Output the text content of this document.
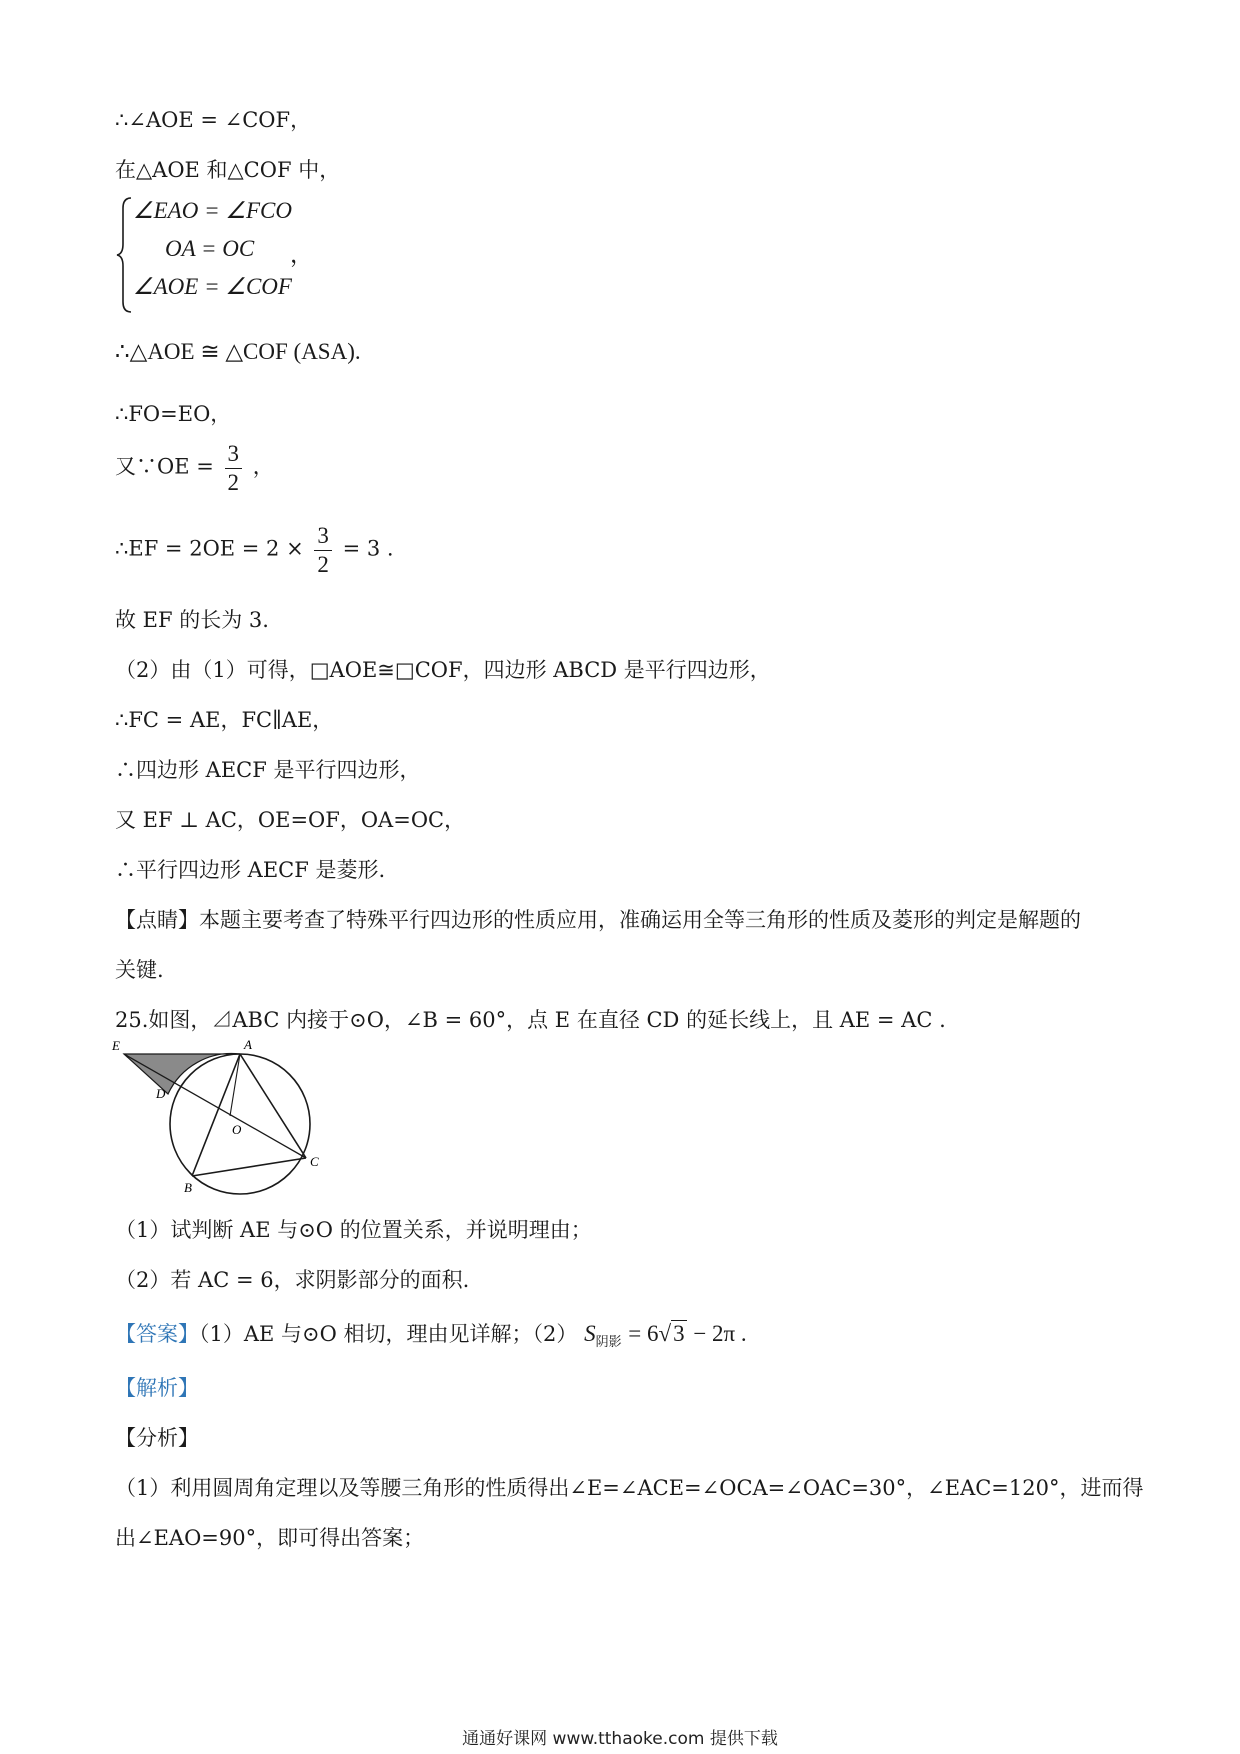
∴∠AOE = ∠COF，
在△AOE 和△COF 中，
∠EAO = ∠FCO
OA = OC ，
∠AOE = ∠COF
∴△AOE ≅ △COF (ASA).
∴FO=EO，
又∵OE = $\frac{3}{2}$ ，
∴EF = $2OE = 2 \times \frac{3}{2} = 3$ .
故 EF 的长为 3.
（2）由（1）可得，□AOE≅□COF，四边形 ABCD 是平行四边形，
∴FC = AE，FC∥AE，
∴四边形 AECF 是平行四边形，
又 EF ⊥ AC，OE=OF，OA=OC，
∴平行四边形 AECF 是菱形.
【点睛】本题主要考查了特殊平行四边形的性质应用，准确运用全等三角形的性质及菱形的判定是解题的
关键.
25.如图，⊿ABC 内接于⊙O，∠B = 60°，点 E 在直径 CD 的延长线上，且 AE = AC .
E	A
D
O
C
B
（1）试判断 AE 与⊙O 的位置关系，并说明理由；
（2）若 AC = 6，求阴影部分的面积.
【答案】（1）AE 与⊙O 相切，理由见详解；（2） $S_{阴影} = 6√3 - 2\pi$ .
【解析】
【分析】
（1）利用圆周角定理以及等腰三角形的性质得出∠E=∠ACE=∠OCA=∠OAC=30°，∠EAC=120°，进而得
出∠EAO=90°，即可得出答案；
通通好课网 www.tthaoke.com 提供下载
